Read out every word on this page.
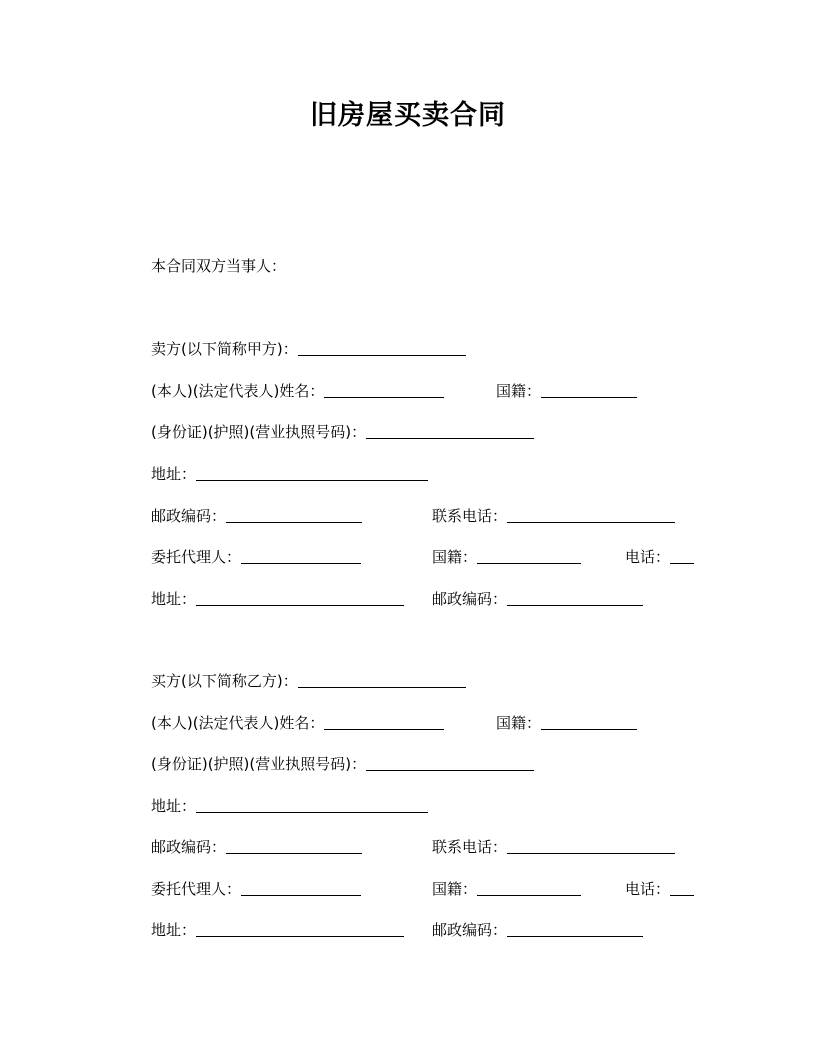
旧房屋买卖合同
本合同双方当事人：
卖方(以下简称甲方)：
(本人)(法定代表人)姓名：	国籍：
(身份证)(护照)(营业执照号码)：
地址：
邮政编码：	联系电话：
委托代理人：	国籍：	电话：
地址：	邮政编码：
买方(以下简称乙方)：
(本人)(法定代表人)姓名：	国籍：
(身份证)(护照)(营业执照号码)：
地址：
邮政编码：	联系电话：
委托代理人：	国籍：	电话：
地址：	邮政编码：
